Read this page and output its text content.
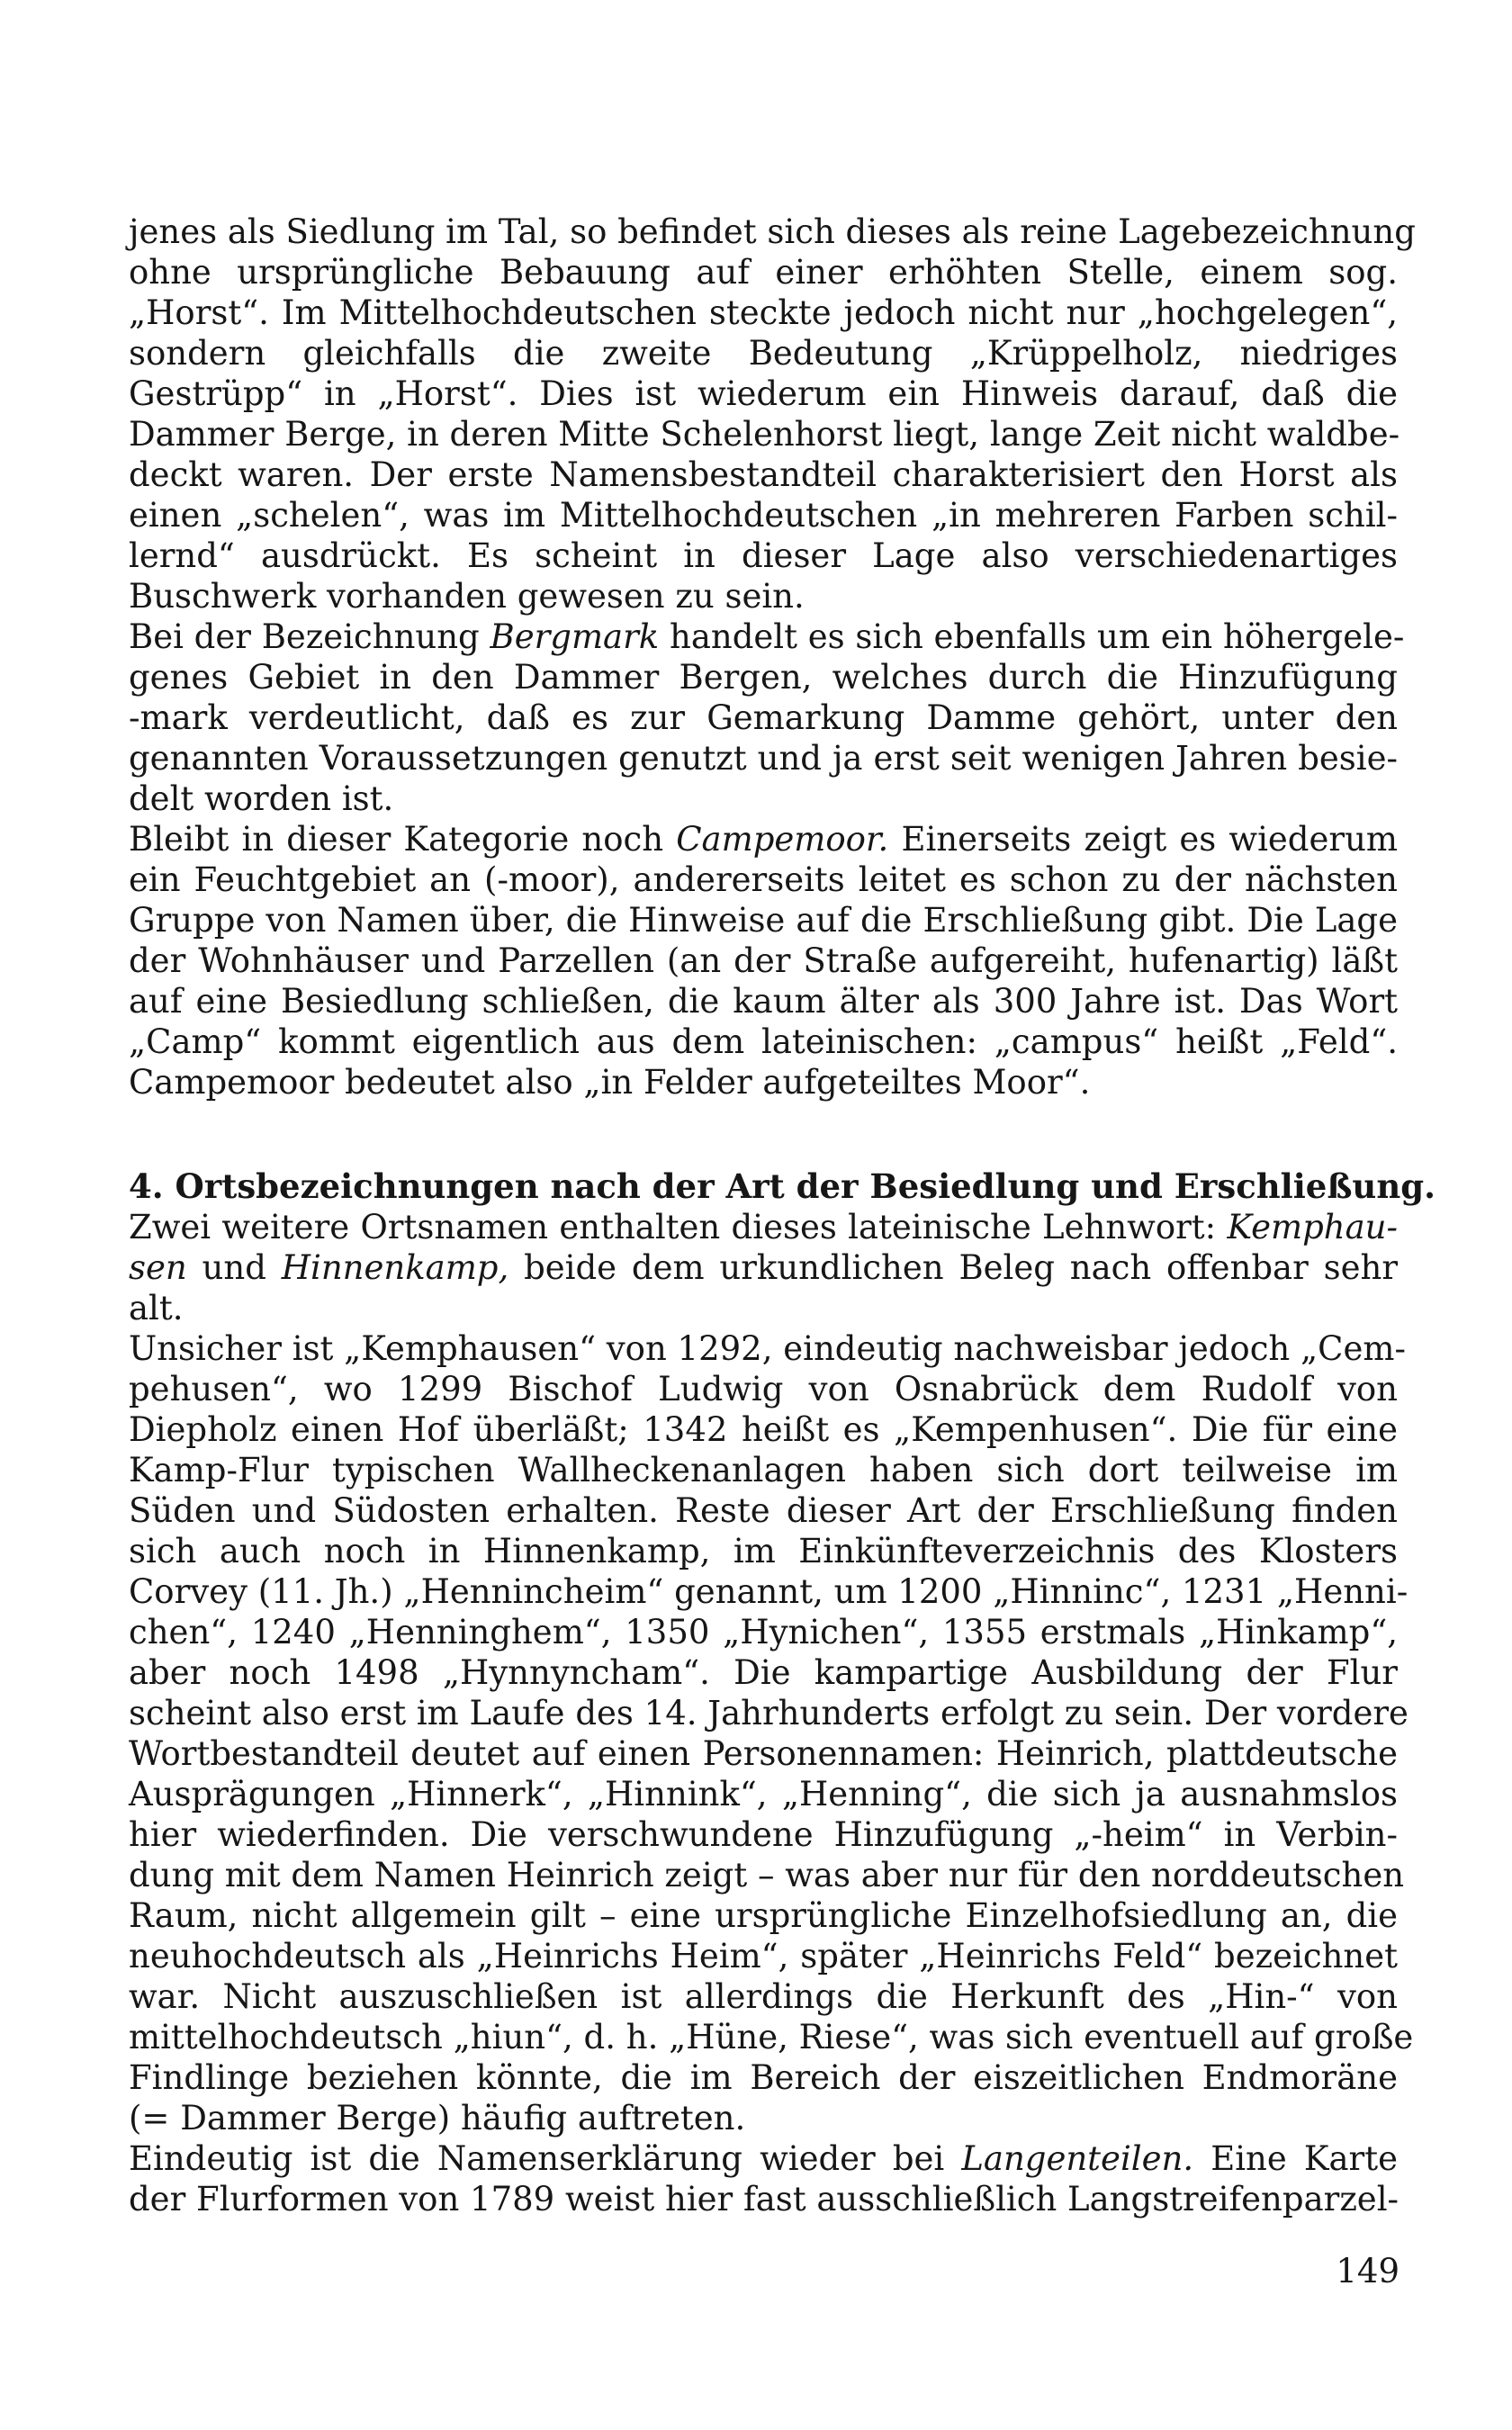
jenes als Siedlung im Tal, so befindet sich dieses als reine Lagebezeichnung
ohne ursprüngliche Bebauung auf einer erhöhten Stelle, einem sog.
„Horst“. Im Mittelhochdeutschen steckte jedoch nicht nur „hochgelegen“,
sondern gleichfalls die zweite Bedeutung „Krüppelholz, niedriges
Gestrüpp“ in „Horst“. Dies ist wiederum ein Hinweis darauf, daß die
Dammer Berge, in deren Mitte Schelenhorst liegt, lange Zeit nicht waldbe-
deckt waren. Der erste Namensbestandteil charakterisiert den Horst als
einen „schelen“, was im Mittelhochdeutschen „in mehreren Farben schil-
lernd“ ausdrückt. Es scheint in dieser Lage also verschiedenartiges
Buschwerk vorhanden gewesen zu sein.
Bei der Bezeichnung Bergmark handelt es sich ebenfalls um ein höhergele-
genes Gebiet in den Dammer Bergen, welches durch die Hinzufügung
-mark verdeutlicht, daß es zur Gemarkung Damme gehört, unter den
genannten Voraussetzungen genutzt und ja erst seit wenigen Jahren besie-
delt worden ist.
Bleibt in dieser Kategorie noch Campemoor. Einerseits zeigt es wiederum
ein Feuchtgebiet an (-moor), andererseits leitet es schon zu der nächsten
Gruppe von Namen über, die Hinweise auf die Erschließung gibt. Die Lage
der Wohnhäuser und Parzellen (an der Straße aufgereiht, hufenartig) läßt
auf eine Besiedlung schließen, die kaum älter als 300 Jahre ist. Das Wort
„Camp“ kommt eigentlich aus dem lateinischen: „campus“ heißt „Feld“.
Campemoor bedeutet also „in Felder aufgeteiltes Moor“.
4. Ortsbezeichnungen nach der Art der Besiedlung und Erschließung.
Zwei weitere Ortsnamen enthalten dieses lateinische Lehnwort: Kemphau-
sen und Hinnenkamp, beide dem urkundlichen Beleg nach offenbar sehr
alt.
Unsicher ist „Kemphausen“ von 1292, eindeutig nachweisbar jedoch „Cem-
pehusen“, wo 1299 Bischof Ludwig von Osnabrück dem Rudolf von
Diepholz einen Hof überläßt; 1342 heißt es „Kempenhusen“. Die für eine
Kamp-Flur typischen Wallheckenanlagen haben sich dort teilweise im
Süden und Südosten erhalten. Reste dieser Art der Erschließung finden
sich auch noch in Hinnenkamp, im Einkünfteverzeichnis des Klosters
Corvey (11. Jh.) „Hennincheim“ genannt, um 1200 „Hinninc“, 1231 „Henni-
chen“, 1240 „Henninghem“, 1350 „Hynichen“, 1355 erstmals „Hinkamp“,
aber noch 1498 „Hynnyncham“. Die kampartige Ausbildung der Flur
scheint also erst im Laufe des 14. Jahrhunderts erfolgt zu sein. Der vordere
Wortbestandteil deutet auf einen Personennamen: Heinrich, plattdeutsche
Ausprägungen „Hinnerk“, „Hinnink“, „Henning“, die sich ja ausnahmslos
hier wiederfinden. Die verschwundene Hinzufügung „-heim“ in Verbin-
dung mit dem Namen Heinrich zeigt – was aber nur für den norddeutschen
Raum, nicht allgemein gilt – eine ursprüngliche Einzelhofsiedlung an, die
neuhochdeutsch als „Heinrichs Heim“, später „Heinrichs Feld“ bezeichnet
war. Nicht auszuschließen ist allerdings die Herkunft des „Hin-“ von
mittelhochdeutsch „hiun“, d. h. „Hüne, Riese“, was sich eventuell auf große
Findlinge beziehen könnte, die im Bereich der eiszeitlichen Endmoräne
(= Dammer Berge) häufig auftreten.
Eindeutig ist die Namenserklärung wieder bei Langenteilen. Eine Karte
der Flurformen von 1789 weist hier fast ausschließlich Langstreifenparzel-
149
